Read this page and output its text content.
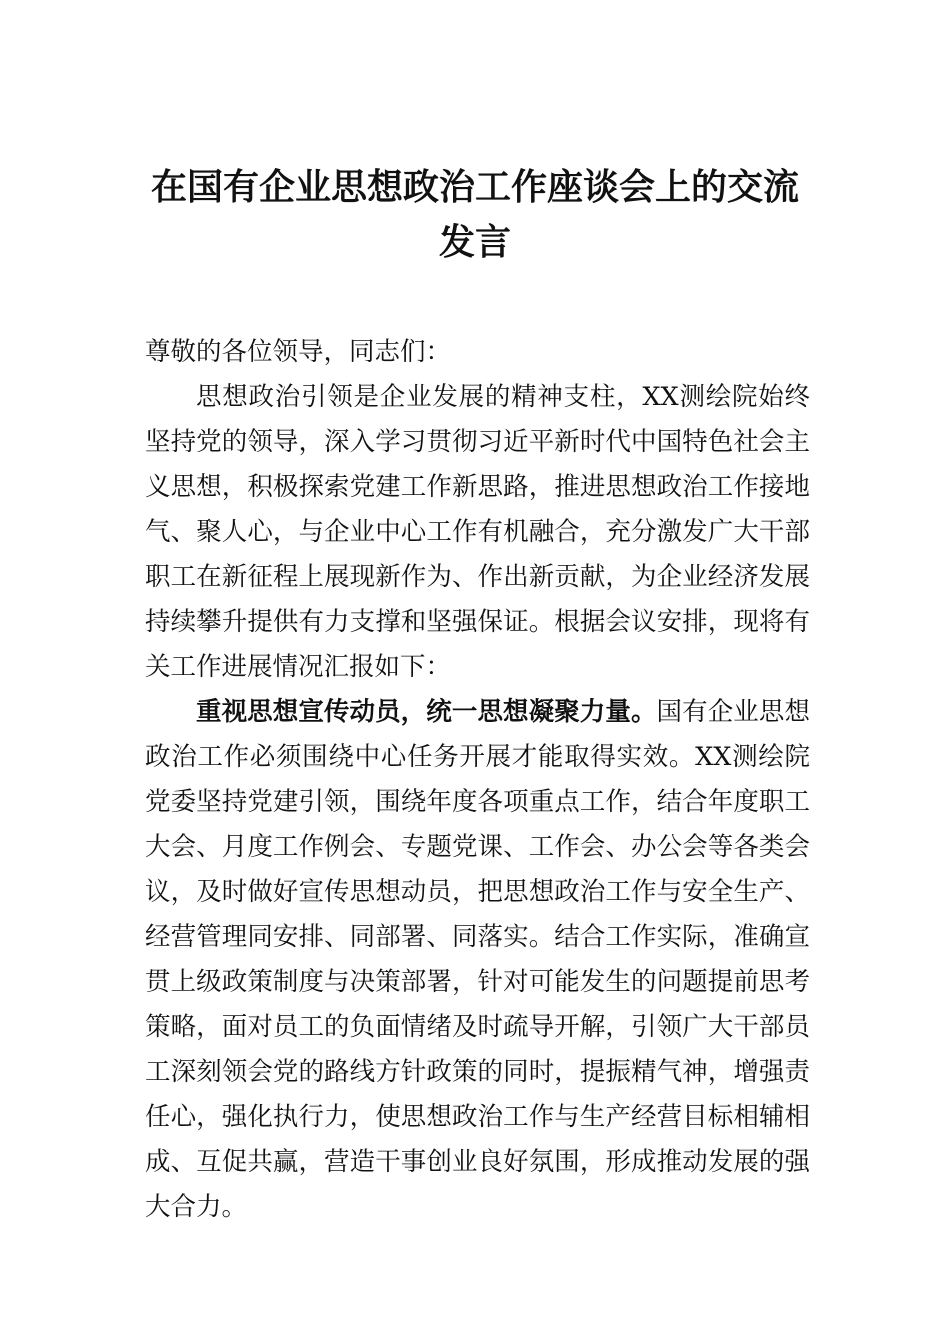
在国有企业思想政治工作座谈会上的交流发言

尊敬的各位领导，同志们：

思想政治引领是企业发展的精神支柱，XX测绘院始终坚持党的领导，深入学习贯彻习近平新时代中国特色社会主义思想，积极探索党建工作新思路，推进思想政治工作接地气、聚人心，与企业中心工作有机融合，充分激发广大干部职工在新征程上展现新作为、作出新贡献，为企业经济发展持续攀升提供有力支撑和坚强保证。根据会议安排，现将有关工作进展情况汇报如下：

重视思想宣传动员，统一思想凝聚力量。国有企业思想政治工作必须围绕中心任务开展才能取得实效。XX测绘院党委坚持党建引领，围绕年度各项重点工作，结合年度职工大会、月度工作例会、专题党课、工作会、办公会等各类会议，及时做好宣传思想动员，把思想政治工作与安全生产、经营管理同安排、同部署、同落实。结合工作实际，准确宣贯上级政策制度与决策部署，针对可能发生的问题提前思考策略，面对员工的负面情绪及时疏导开解，引领广大干部员工深刻领会党的路线方针政策的同时，提振精气神，增强责任心，强化执行力，使思想政治工作与生产经营目标相辅相成、互促共赢，营造干事创业良好氛围，形成推动发展的强大合力。
